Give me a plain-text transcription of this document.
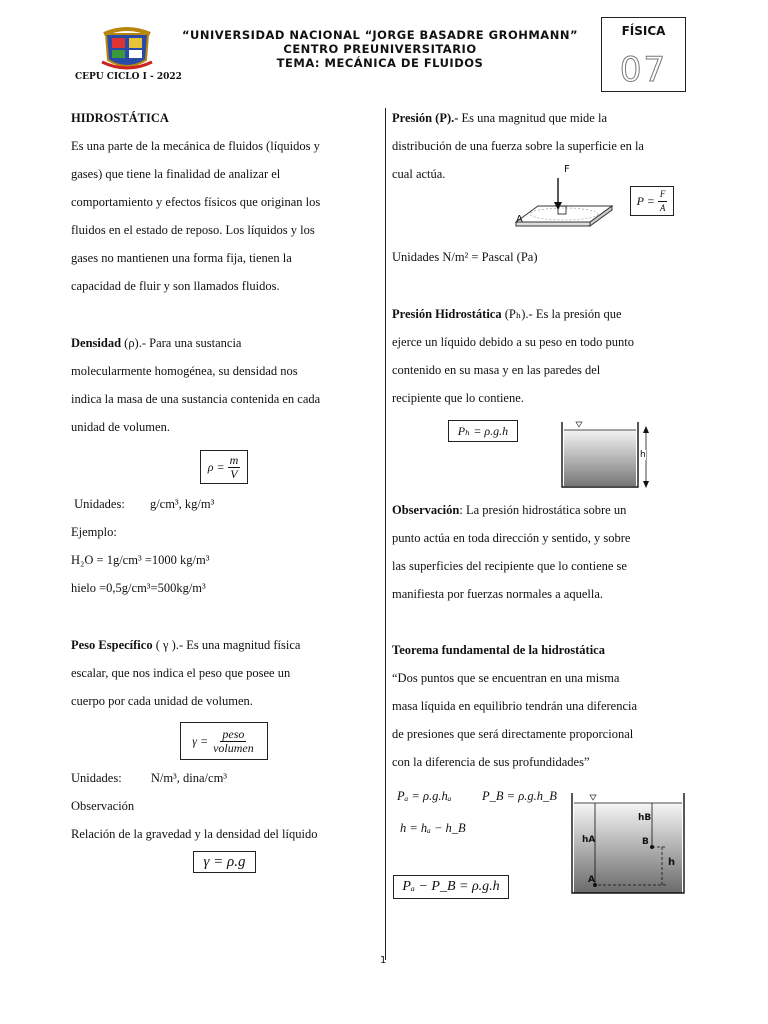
“UNIVERSIDAD NACIONAL “JORGE BASADRE GROHMANN”
CENTRO PREUNIVERSITARIO
TEMA: MECÁNICA DE FLUIDOS
CEPU CICLO I - 2022
FÍSICA
07

HIDROSTÁTICA

Es una parte de la mecánica de fluidos (líquidos y

gases) que tiene la finalidad de analizar el

comportamiento y efectos físicos que originan los

fluidos en el estado de reposo. Los líquidos y los

gases no mantienen una forma fija, tienen la

capacidad de fluir y son llamados fluidos.

Densidad (ρ).- Para una sustancia

molecularmente homogénea, su densidad nos

indica la masa de una sustancia contenida en cada

unidad de volumen.

$\rho = \frac{m}{V}$

Unidades: g/cm³, kg/m³

Ejemplo:

H₂O = 1g/cm³ =1000 kg/m³

hielo =0,5g/cm³=500kg/m³

Peso Específico ( γ ).- Es una magnitud física

escalar, que nos indica el peso que posee un

cuerpo por cada unidad de volumen.

$\gamma = \frac{\text{peso}}{\text{volumen}}$

Unidades: N/m³, dina/cm³

Observación

Relación de la gravedad y la densidad del líquido

γ = ρ.g

Presión (P).- Es una magnitud que mide la

distribución de una fuerza sobre la superficie en la

cual actúa.	F
A
$P = \frac{F}{A}$
Unidades N/m² = Pascal (Pa)

Presión Hidrostática (Pₕ).- Es la presión que

ejerce un líquido debido a su peso en todo punto

contenido en su masa y en las paredes del

recipiente que lo contiene.

Pₕ = ρ.g.h
h

Observación: La presión hidrostática sobre un

punto actúa en toda dirección y sentido, y sobre

las superficies del recipiente que lo contiene se

manifiesta por fuerzas normales a aquella.

Teorema fundamental de la hidrostática

“Dos puntos que se encuentran en una misma

masa líquida en equilibrio tendrán una diferencia

de presiones que será directamente proporcional

con la diferencia de sus profundidades”

Pₐ = ρ.g.hₐ P_B = ρ.g.h_B
h = hₐ − h_B
Pₐ − P_B = ρ.g.h
hB
hA	B
A
h
1
